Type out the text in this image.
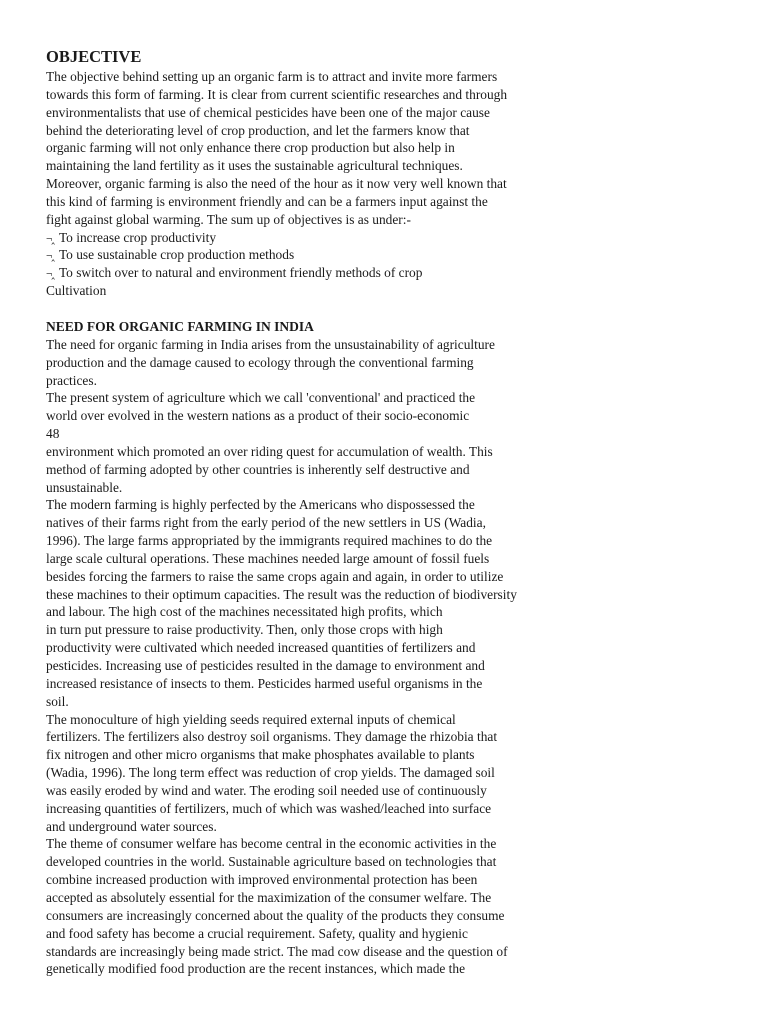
OBJECTIVE
The objective behind setting up an organic farm is to attract and invite more farmers
towards this form of farming. It is clear from current scientific researches and through
environmentalists that use of chemical pesticides have been one of the major cause
behind the deteriorating level of crop production, and let the farmers know that
organic farming will not only enhance there crop production but also help in
maintaining the land fertility as it uses the sustainable agricultural techniques.
Moreover, organic farming is also the need of the hour as it now very well known that
this kind of farming is environment friendly and can be a farmers input against the
fight against global warming. The sum up of objectives is as under:-
¬‸ To increase crop productivity
¬‸ To use sustainable crop production methods
¬‸ To switch over to natural and environment friendly methods of crop
Cultivation
NEED FOR ORGANIC FARMING IN INDIA
The need for organic farming in India arises from the unsustainability of agriculture
production and the damage caused to ecology through the conventional farming
practices.
The present system of agriculture which we call 'conventional' and practiced the
world over evolved in the western nations as a product of their socio-economic
48
environment which promoted an over riding quest for accumulation of wealth. This
method of farming adopted by other countries is inherently self destructive and
unsustainable.
The modern farming is highly perfected by the Americans who dispossessed the
natives of their farms right from the early period of the new settlers in US (Wadia,
1996). The large farms appropriated by the immigrants required machines to do the
large scale cultural operations. These machines needed large amount of fossil fuels
besides forcing the farmers to raise the same crops again and again, in order to utilize
these machines to their optimum capacities. The result was the reduction of biodiversity
and labour. The high cost of the machines necessitated high profits, which
in turn put pressure to raise productivity. Then, only those crops with high
productivity were cultivated which needed increased quantities of fertilizers and
pesticides. Increasing use of pesticides resulted in the damage to environment and
increased resistance of insects to them. Pesticides harmed useful organisms in the
soil.
The monoculture of high yielding seeds required external inputs of chemical
fertilizers. The fertilizers also destroy soil organisms. They damage the rhizobia that
fix nitrogen and other micro organisms that make phosphates available to plants
(Wadia, 1996). The long term effect was reduction of crop yields. The damaged soil
was easily eroded by wind and water. The eroding soil needed use of continuously
increasing quantities of fertilizers, much of which was washed/leached into surface
and underground water sources.
The theme of consumer welfare has become central in the economic activities in the
developed countries in the world. Sustainable agriculture based on technologies that
combine increased production with improved environmental protection has been
accepted as absolutely essential for the maximization of the consumer welfare. The
consumers are increasingly concerned about the quality of the products they consume
and food safety has become a crucial requirement. Safety, quality and hygienic
standards are increasingly being made strict. The mad cow disease and the question of
genetically modified food production are the recent instances, which made the
